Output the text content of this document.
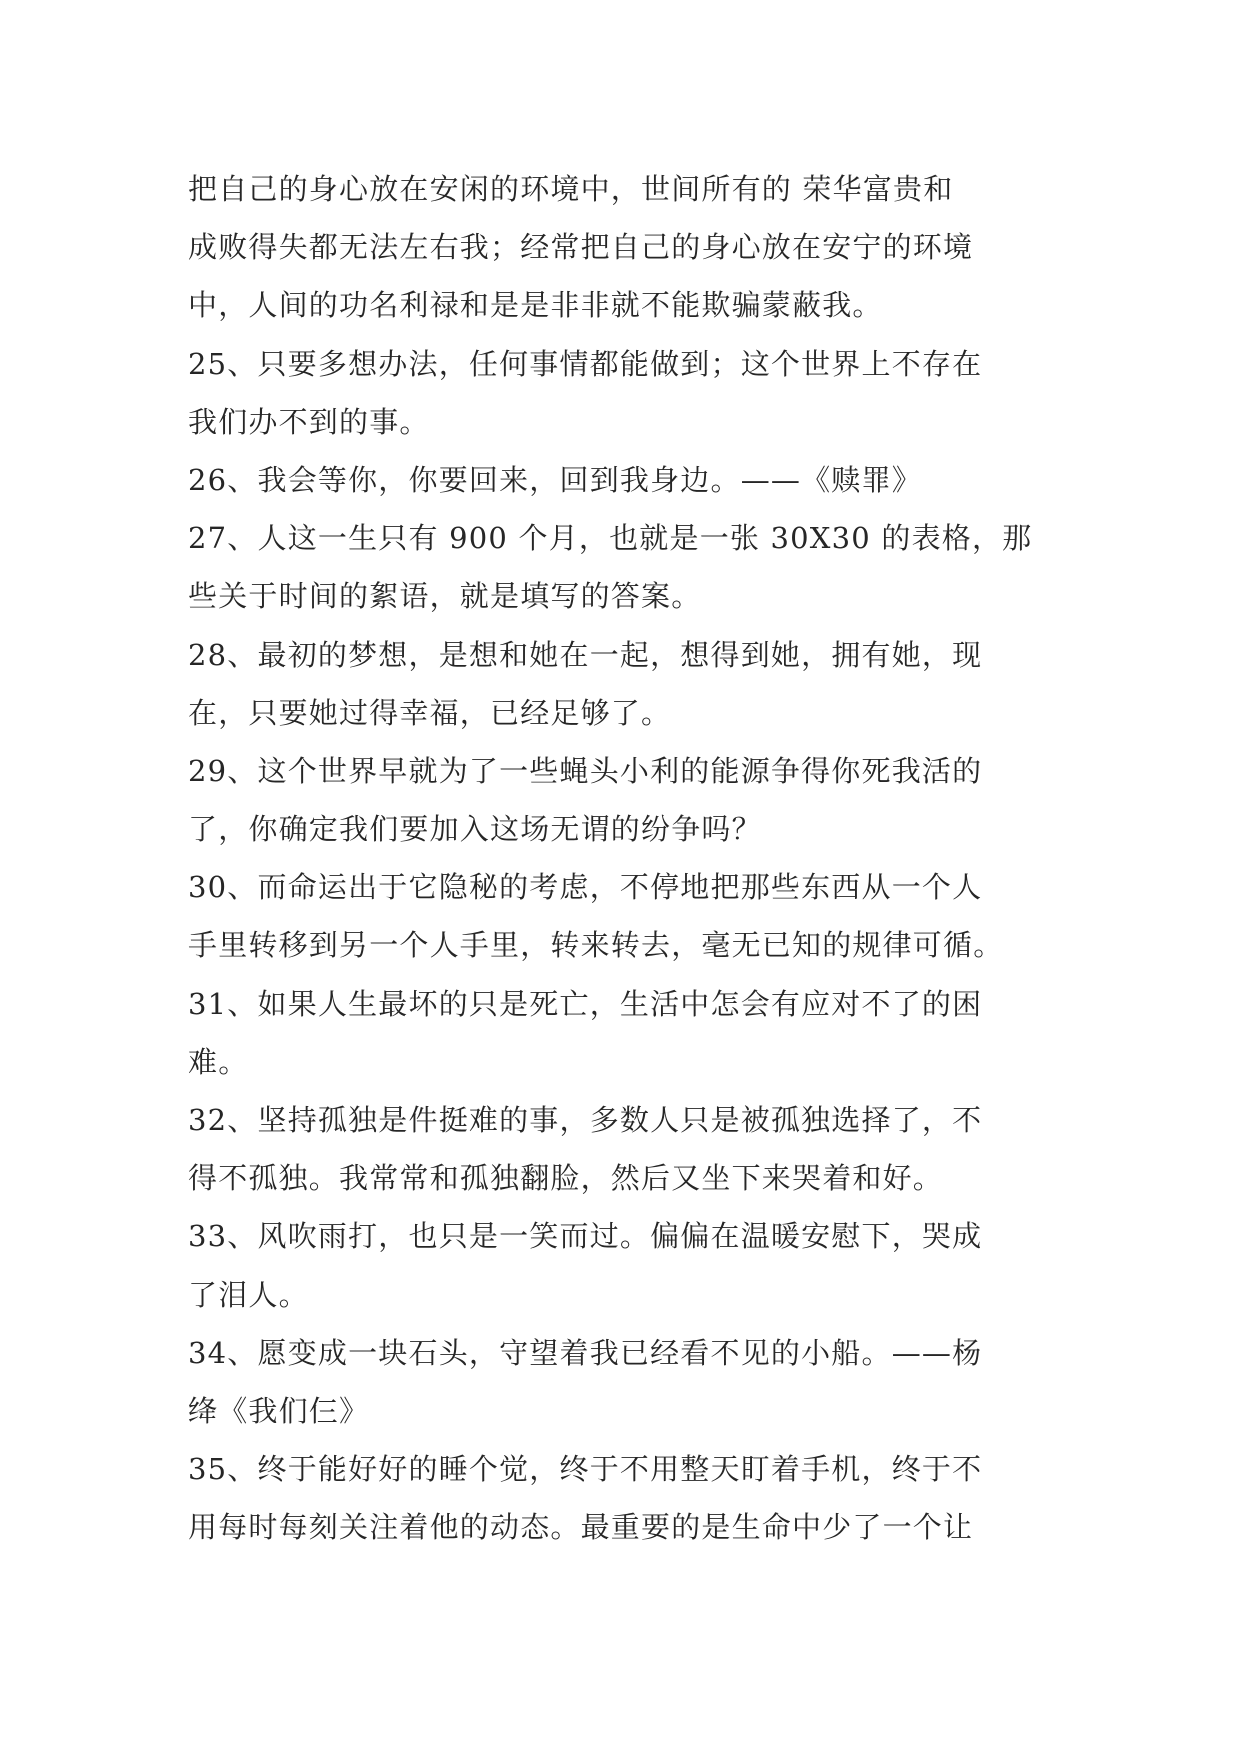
把自己的身心放在安闲的环境中，世间所有的 荣华富贵和
成败得失都无法左右我；经常把自己的身心放在安宁的环境
中，人间的功名利禄和是是非非就不能欺骗蒙蔽我。
25、只要多想办法，任何事情都能做到；这个世界上不存在
我们办不到的事。
26、我会等你，你要回来，回到我身边。——《赎罪》
27、人这一生只有 900 个月，也就是一张 30X30 的表格，那
些关于时间的絮语，就是填写的答案。
28、最初的梦想，是想和她在一起，想得到她，拥有她，现
在，只要她过得幸福，已经足够了。
29、这个世界早就为了一些蝇头小利的能源争得你死我活的
了，你确定我们要加入这场无谓的纷争吗？
30、而命运出于它隐秘的考虑，不停地把那些东西从一个人
手里转移到另一个人手里，转来转去，毫无已知的规律可循。
31、如果人生最坏的只是死亡，生活中怎会有应对不了的困
难。
32、坚持孤独是件挺难的事，多数人只是被孤独选择了，不
得不孤独。我常常和孤独翻脸，然后又坐下来哭着和好。
33、风吹雨打，也只是一笑而过。偏偏在温暖安慰下，哭成
了泪人。
34、愿变成一块石头，守望着我已经看不见的小船。——杨
绛《我们仨》
35、终于能好好的睡个觉，终于不用整天盯着手机，终于不
用每时每刻关注着他的动态。最重要的是生命中少了一个让
